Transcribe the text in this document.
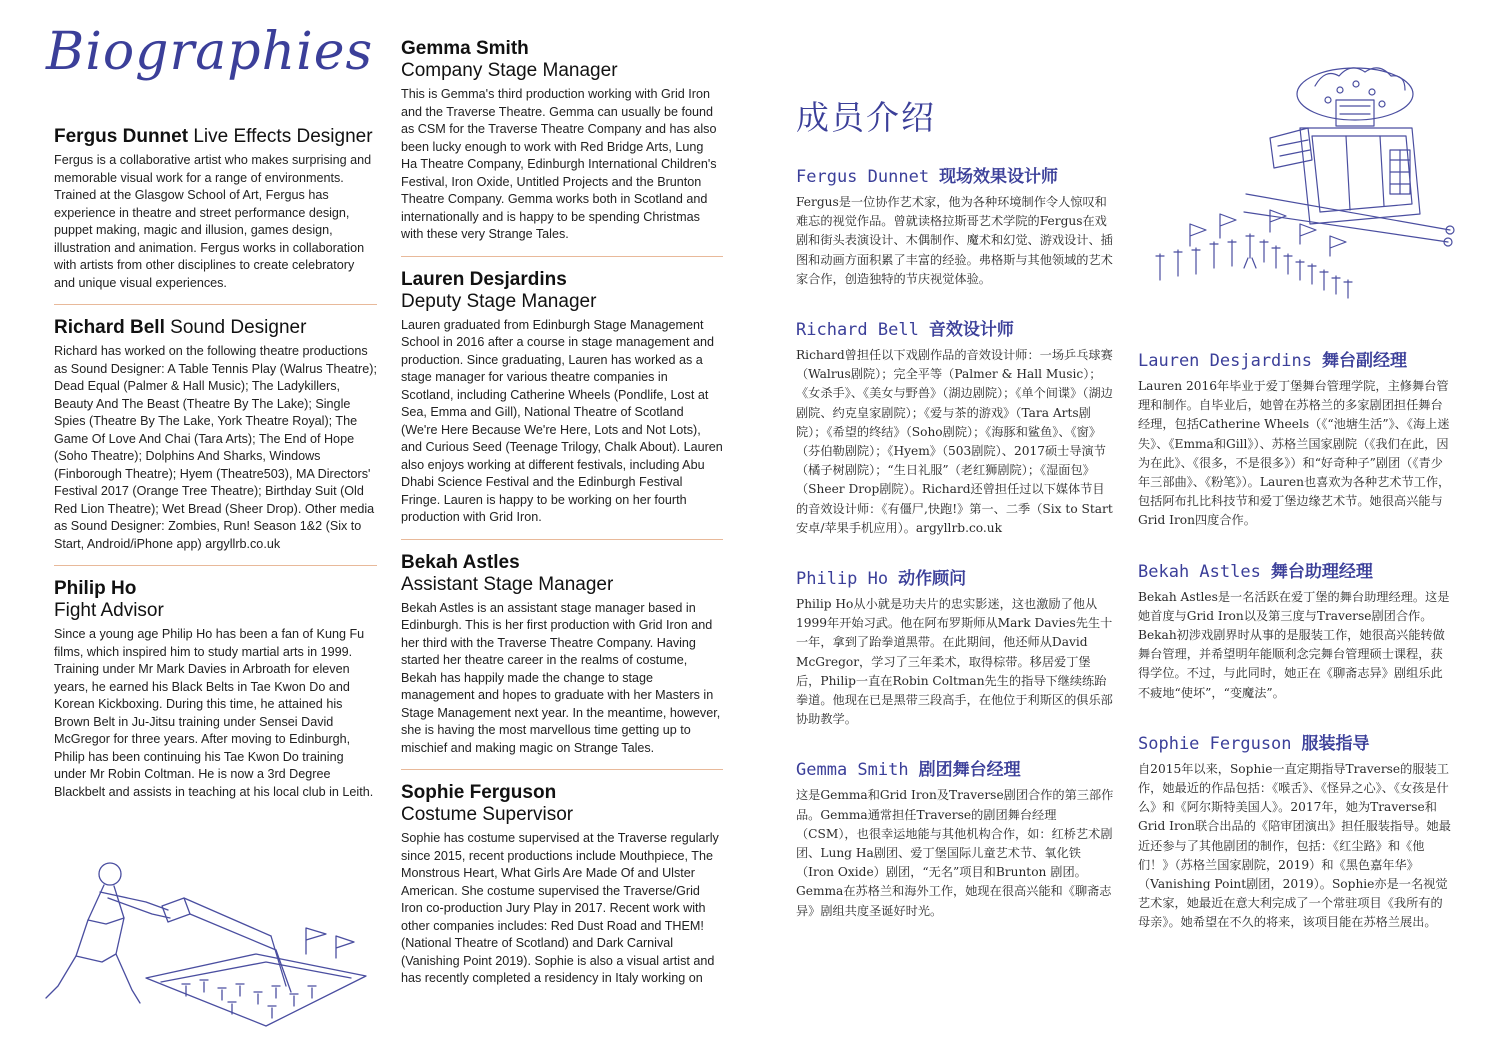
Biographies
Fergus Dunnet Live Effects Designer

Fergus is a collaborative artist who makes surprising and memorable visual work for a range of environments. Trained at the Glasgow School of Art, Fergus has experience in theatre and street performance design, puppet making, magic and illusion, games design, illustration and animation. Fergus works in collaboration with artists from other disciplines to create celebratory and unique visual experiences.

Richard Bell Sound Designer

Richard has worked on the following theatre productions as Sound Designer: A Table Tennis Play (Walrus Theatre); Dead Equal (Palmer & Hall Music); The Ladykillers, Beauty And The Beast (Theatre By The Lake); Single Spies (Theatre By The Lake, York Theatre Royal); The Game Of Love And Chai (Tara Arts); The End of Hope (Soho Theatre); Dolphins And Sharks, Windows (Finborough Theatre); Hyem (Theatre503), MA Directors' Festival 2017 (Orange Tree Theatre); Birthday Suit (Old Red Lion Theatre); Wet Bread (Sheer Drop). Other media as Sound Designer: Zombies, Run! Season 1&2 (Six to Start, Android/iPhone app) argyllrb.co.uk

Philip Ho
Fight Advisor

Since a young age Philip Ho has been a fan of Kung Fu films, which inspired him to study martial arts in 1999. Training under Mr Mark Davies in Arbroath for eleven years, he earned his Black Belts in Tae Kwon Do and Korean Kickboxing. During this time, he attained his Brown Belt in Ju-Jitsu training under Sensei David McGregor for three years. After moving to Edinburgh, Philip has been continuing his Tae Kwon Do training under Mr Robin Coltman. He is now a 3rd Degree Blackbelt and assists in teaching at his local club in Leith.

Gemma Smith
Company Stage Manager

This is Gemma's third production working with Grid Iron and the Traverse Theatre. Gemma can usually be found as CSM for the Traverse Theatre Company and has also been lucky enough to work with Red Bridge Arts, Lung Ha Theatre Company, Edinburgh International Children's Festival, Iron Oxide, Untitled Projects and the Brunton Theatre Company. Gemma works both in Scotland and internationally and is happy to be spending Christmas with these very Strange Tales.

Lauren Desjardins
Deputy Stage Manager

Lauren graduated from Edinburgh Stage Management School in 2016 after a course in stage management and production. Since graduating, Lauren has worked as a stage manager for various theatre companies in Scotland, including Catherine Wheels (Pondlife, Lost at Sea, Emma and Gill), National Theatre of Scotland (We're Here Because We're Here, Lots and Not Lots), and Curious Seed (Teenage Trilogy, Chalk About). Lauren also enjoys working at different festivals, including Abu Dhabi Science Festival and the Edinburgh Festival Fringe. Lauren is happy to be working on her fourth production with Grid Iron.

Bekah Astles
Assistant Stage Manager

Bekah Astles is an assistant stage manager based in Edinburgh. This is her first production with Grid Iron and her third with the Traverse Theatre Company. Having started her theatre career in the realms of costume, Bekah has happily made the change to stage management and hopes to graduate with her Masters in Stage Management next year. In the meantime, however, she is having the most marvellous time getting up to mischief and making magic on Strange Tales.

Sophie Ferguson
Costume Supervisor

Sophie has costume supervised at the Traverse regularly since 2015, recent productions include Mouthpiece, The Monstrous Heart, What Girls Are Made Of and Ulster American. She costume supervised the Traverse/Grid Iron co-production Jury Play in 2017. Recent work with other companies includes: Red Dust Road and THEM! (National Theatre of Scotland) and Dark Carnival (Vanishing Point 2019). Sophie is also a visual artist and has recently completed a residency in Italy working on

成员介绍
Fergus Dunnet 现场效果设计师

Fergus是一位协作艺术家，他为各种环境制作令人惊叹和难忘的视觉作品。曾就读格拉斯哥艺术学院的Fergus在戏剧和街头表演设计、木偶制作、魔术和幻觉、游戏设计、插图和动画方面积累了丰富的经验。弗格斯与其他领域的艺术家合作，创造独特的节庆视觉体验。

Richard Bell 音效设计师

Richard曾担任以下戏剧作品的音效设计师：一场乒乓球赛（Walrus剧院）；完全平等（Palmer & Hall Music）；《女杀手》、《美女与野兽》（湖边剧院）；《单个间谍》（湖边剧院、约克皇家剧院）；《爱与茶的游戏》（Tara Arts剧院）；《希望的终结》（Soho剧院）；《海豚和鲨鱼》、《窗》（芬伯勒剧院）；《Hyem》（503剧院）、2017硕士导演节（橘子树剧院）；“生日礼服”（老红狮剧院）；《湿面包》（Sheer Drop剧院）。Richard还曾担任过以下媒体节目的音效设计师：《有僵尸,快跑!》第一、二季（Six to Start安卓/苹果手机应用）。argyllrb.co.uk

Philip Ho 动作顾问

Philip Ho从小就是功夫片的忠实影迷，这也激励了他从1999年开始习武。他在阿布罗斯师从Mark Davies先生十一年，拿到了跆拳道黑带。在此期间，他还师从David McGregor，学习了三年柔术，取得棕带。移居爱丁堡后，Philip一直在Robin Coltman先生的指导下继续练跆拳道。他现在已是黑带三段高手，在他位于利斯区的俱乐部协助教学。

Gemma Smith 剧团舞台经理

这是Gemma和Grid Iron及Traverse剧团合作的第三部作品。Gemma通常担任Traverse的剧团舞台经理（CSM），也很幸运地能与其他机构合作，如：红桥艺术剧团、Lung Ha剧团、爱丁堡国际儿童艺术节、氧化铁（Iron Oxide）剧团，“无名”项目和Brunton 剧团。Gemma在苏格兰和海外工作，她现在很高兴能和《聊斋志异》剧组共度圣诞好时光。

Lauren Desjardins 舞台副经理

Lauren 2016年毕业于爱丁堡舞台管理学院，主修舞台管理和制作。自毕业后，她曾在苏格兰的多家剧团担任舞台经理，包括Catherine Wheels（《“池塘生活”》、《海上迷失》、《Emma和Gill》）、苏格兰国家剧院（《我们在此，因为在此》、《很多，不是很多》）和“好奇种子”剧团（《青少年三部曲》、《粉笔》）。Lauren也喜欢为各种艺术节工作，包括阿布扎比科技节和爱丁堡边缘艺术节。她很高兴能与Grid Iron四度合作。

Bekah Astles 舞台助理经理

Bekah Astles是一名活跃在爱丁堡的舞台助理经理。这是她首度与Grid Iron以及第三度与Traverse剧团合作。Bekah初涉戏剧界时从事的是服装工作，她很高兴能转做舞台管理，并希望明年能顺利念完舞台管理硕士课程，获得学位。不过，与此同时，她正在《聊斋志异》剧组乐此不疲地“使坏”，“变魔法”。

Sophie Ferguson 服装指导

自2015年以来，Sophie一直定期指导Traverse的服装工作，她最近的作品包括：《喉舌》、《怪异之心》、《女孩是什么》和《阿尔斯特美国人》。2017年，她为Traverse和Grid Iron联合出品的《陪审团演出》担任服装指导。她最近还参与了其他剧团的制作，包括：《红尘路》和《他们！》（苏格兰国家剧院，2019）和《黑色嘉年华》（Vanishing Point剧团，2019）。Sophie亦是一名视觉艺术家，她最近在意大利完成了一个常驻项目《我所有的母亲》。她希望在不久的将来，该项目能在苏格兰展出。
